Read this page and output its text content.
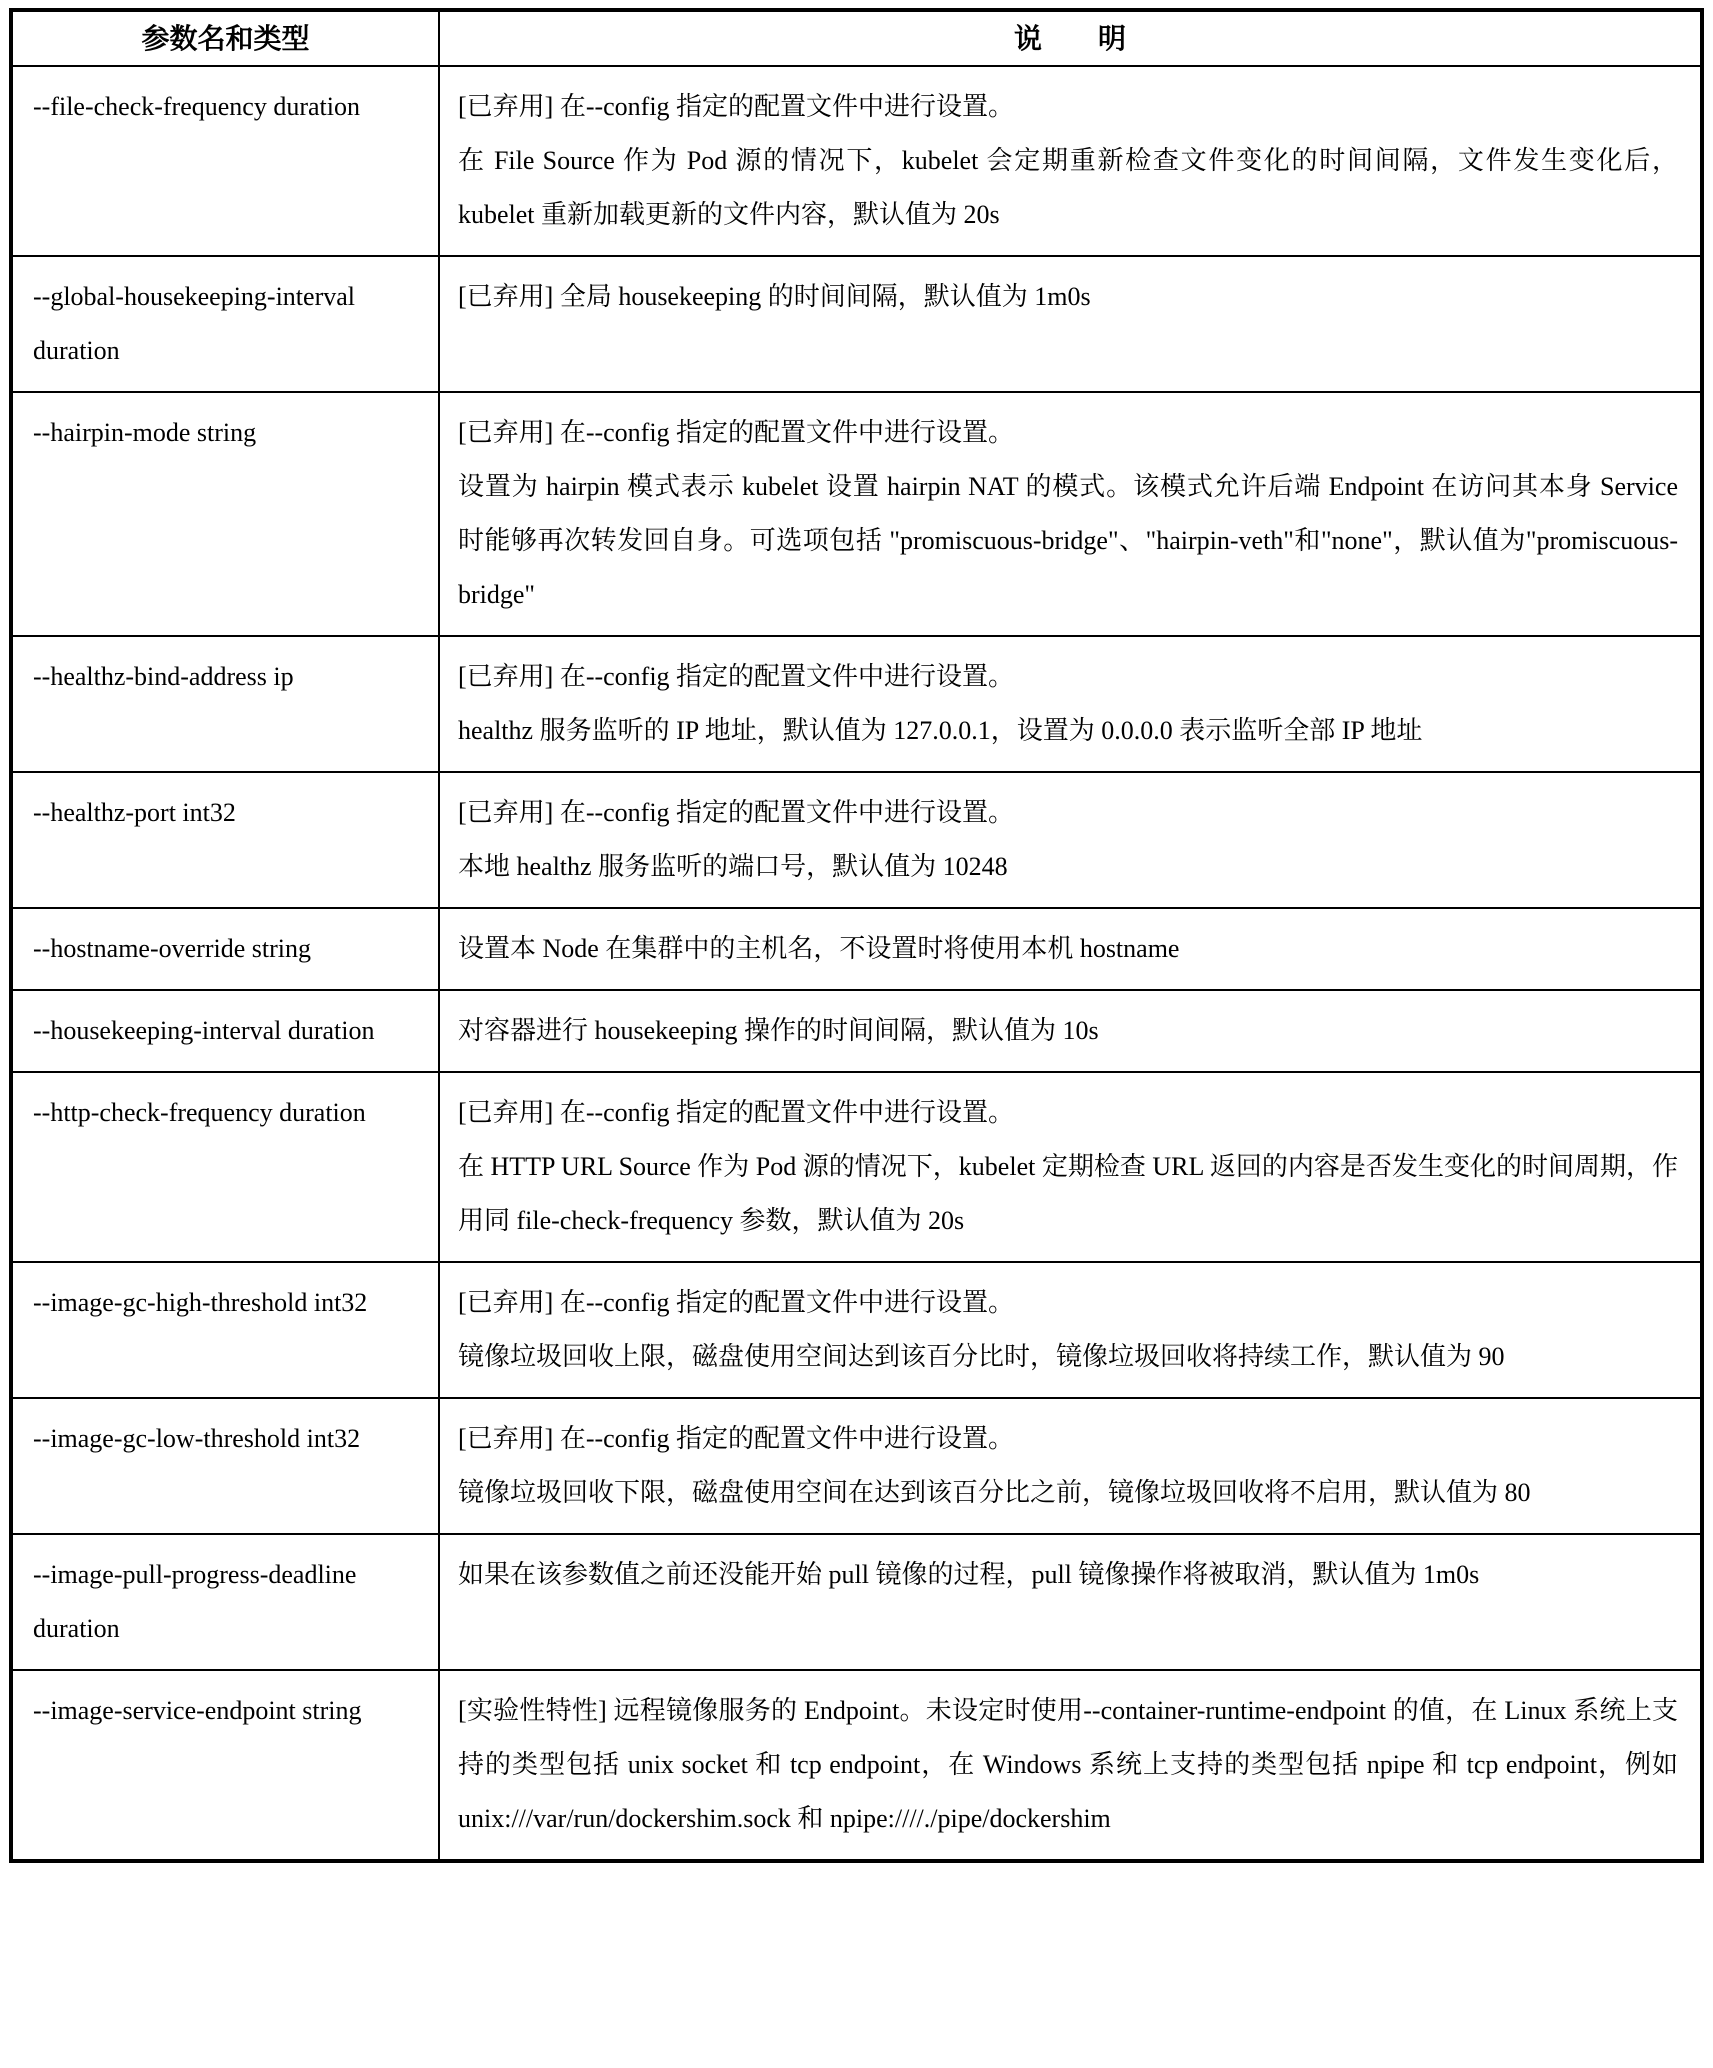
参数名和类型	说　　明
--file-check-frequency duration	[已弃用] 在--config 指定的配置文件中进行设置。

在 File Source 作为 Pod 源的情况下，kubelet 会定期重新检查文件变化的时间间隔，文件发生变化后，kubelet 重新加载更新的文件内容，默认值为 20s

--global-housekeeping-interval duration	[已弃用] 全局 housekeeping 的时间间隔，默认值为 1m0s

--hairpin-mode string	[已弃用] 在--config 指定的配置文件中进行设置。

设置为 hairpin 模式表示 kubelet 设置 hairpin NAT 的模式。该模式允许后端 Endpoint 在访问其本身 Service 时能够再次转发回自身。可选项包括 "promiscuous-bridge"、"hairpin-veth"和"none"，默认值为"promiscuous-bridge"

--healthz-bind-address ip	[已弃用] 在--config 指定的配置文件中进行设置。

healthz 服务监听的 IP 地址，默认值为 127.0.0.1，设置为 0.0.0.0 表示监听全部 IP 地址

--healthz-port int32	[已弃用] 在--config 指定的配置文件中进行设置。

本地 healthz 服务监听的端口号，默认值为 10248

--hostname-override string	设置本 Node 在集群中的主机名，不设置时将使用本机 hostname

--housekeeping-interval duration	对容器进行 housekeeping 操作的时间间隔，默认值为 10s

--http-check-frequency duration	[已弃用] 在--config 指定的配置文件中进行设置。

在 HTTP URL Source 作为 Pod 源的情况下，kubelet 定期检查 URL 返回的内容是否发生变化的时间周期，作用同 file-check-frequency 参数，默认值为 20s

--image-gc-high-threshold int32	[已弃用] 在--config 指定的配置文件中进行设置。

镜像垃圾回收上限，磁盘使用空间达到该百分比时，镜像垃圾回收将持续工作，默认值为 90

--image-gc-low-threshold int32	[已弃用] 在--config 指定的配置文件中进行设置。

镜像垃圾回收下限，磁盘使用空间在达到该百分比之前，镜像垃圾回收将不启用，默认值为 80

--image-pull-progress-deadline duration	如果在该参数值之前还没能开始 pull 镜像的过程，pull 镜像操作将被取消，默认值为 1m0s

--image-service-endpoint string	[实验性特性] 远程镜像服务的 Endpoint。未设定时使用--container-runtime-endpoint 的值，在 Linux 系统上支持的类型包括 unix socket 和 tcp endpoint，在 Windows 系统上支持的类型包括 npipe 和 tcp endpoint，例如 unix:///var/run/dockershim.sock 和 npipe:////./pipe/dockershim
